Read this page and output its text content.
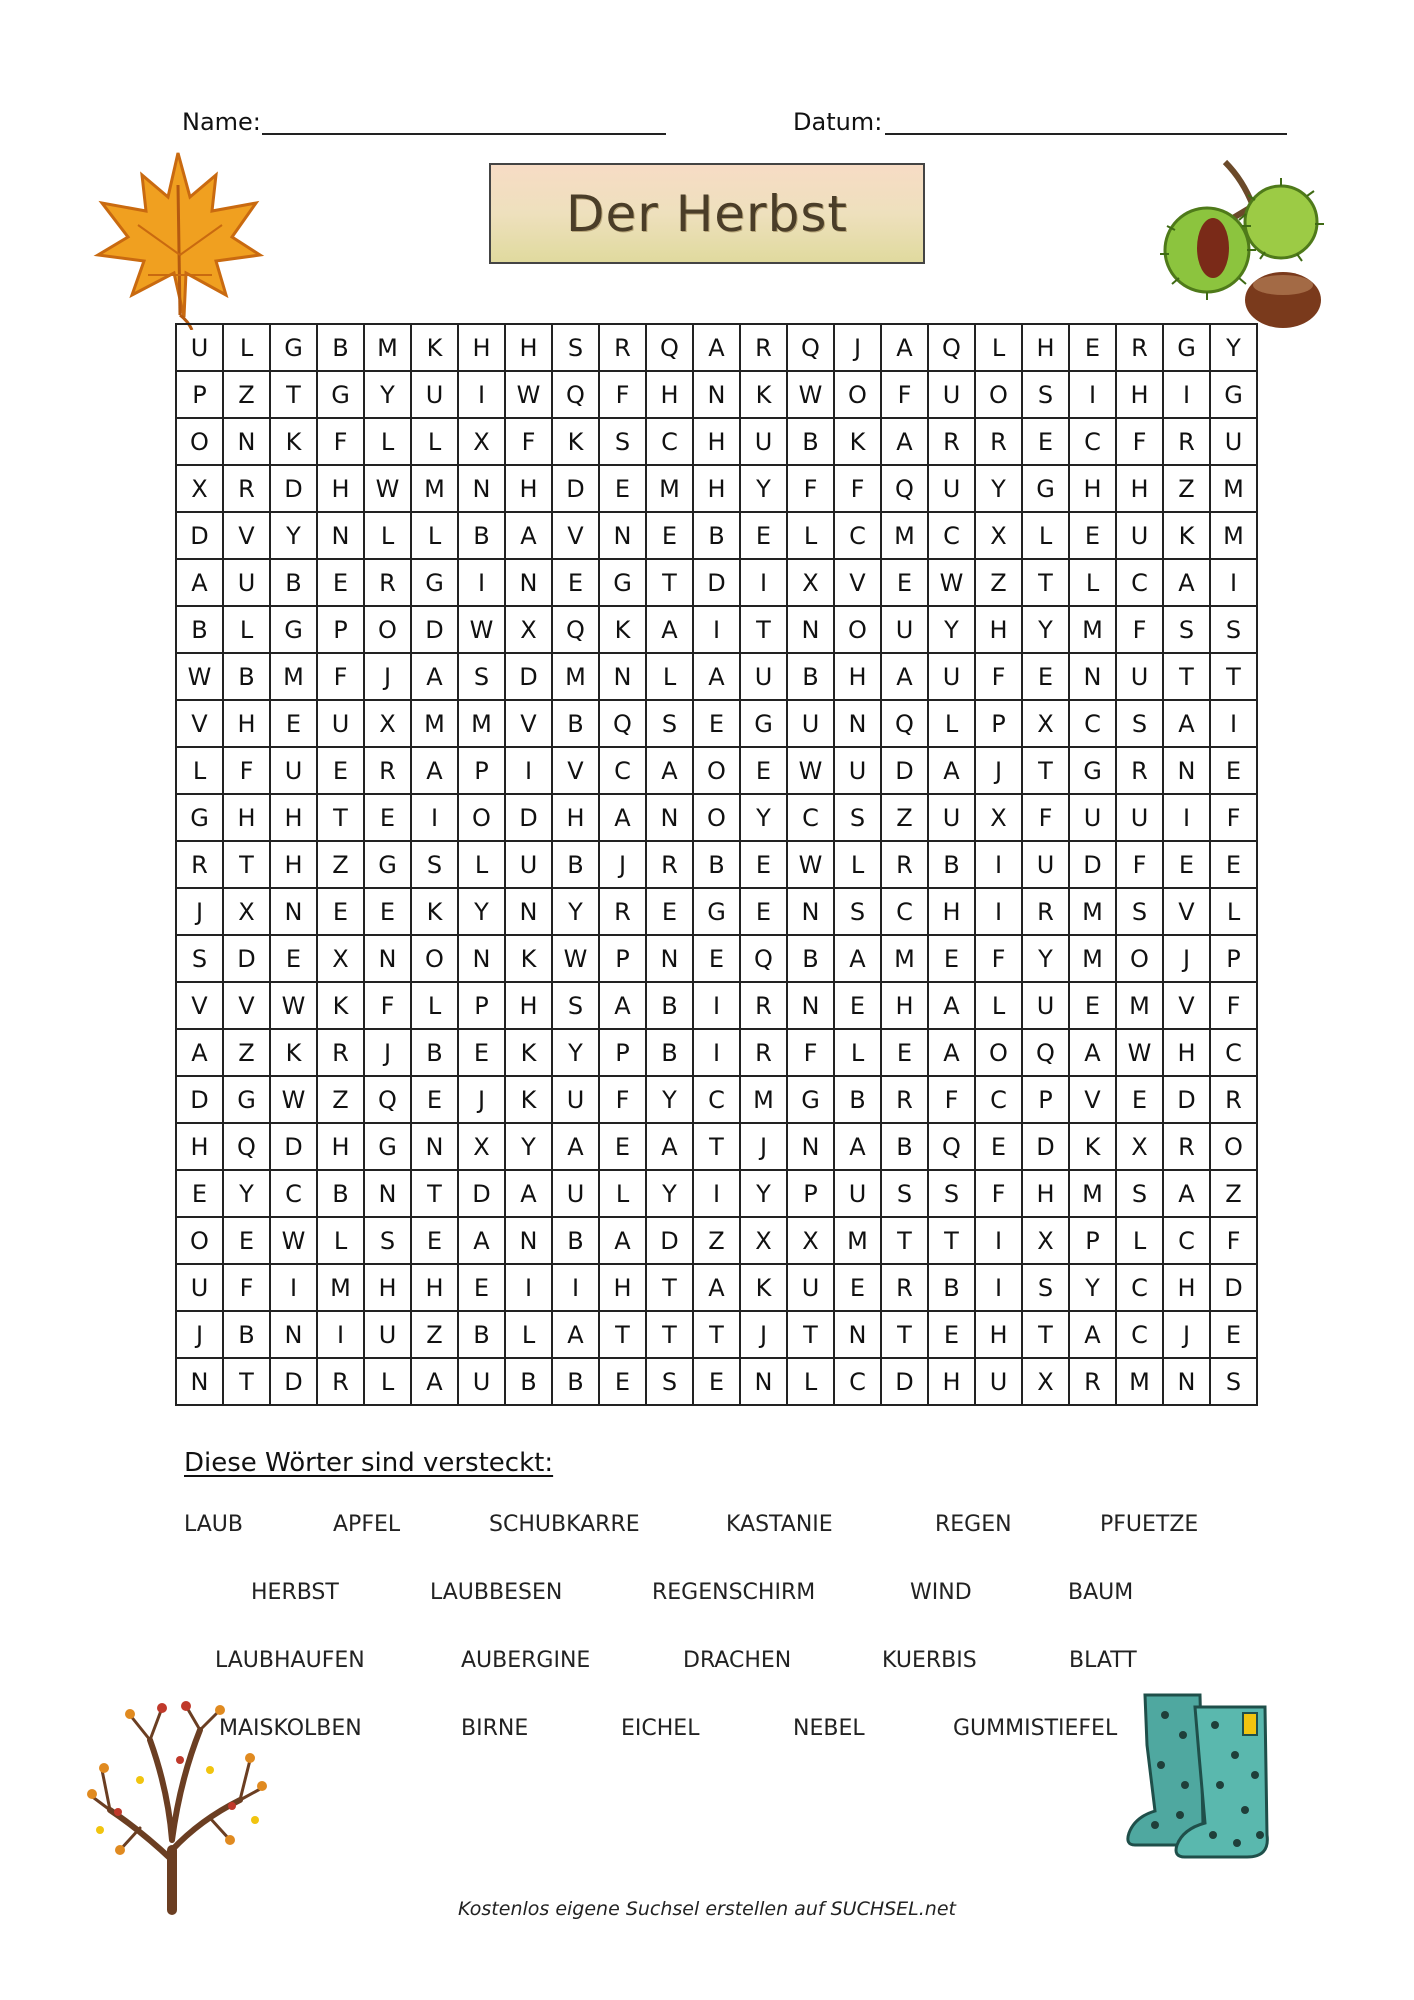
Name:	Datum:
Der Herbst
U	L	G	B	M	K	H	H	S	R	Q	A	R	Q	J	A	Q	L	H	E	R	G	Y
P	Z	T	G	Y	U	I	W	Q	F	H	N	K	W	O	F	U	O	S	I	H	I	G
O	N	K	F	L	L	X	F	K	S	C	H	U	B	K	A	R	R	E	C	F	R	U
X	R	D	H	W	M	N	H	D	E	M	H	Y	F	F	Q	U	Y	G	H	H	Z	M
D	V	Y	N	L	L	B	A	V	N	E	B	E	L	C	M	C	X	L	E	U	K	M
A	U	B	E	R	G	I	N	E	G	T	D	I	X	V	E	W	Z	T	L	C	A	I
B	L	G	P	O	D	W	X	Q	K	A	I	T	N	O	U	Y	H	Y	M	F	S	S
W	B	M	F	J	A	S	D	M	N	L	A	U	B	H	A	U	F	E	N	U	T	T
V	H	E	U	X	M	M	V	B	Q	S	E	G	U	N	Q	L	P	X	C	S	A	I
L	F	U	E	R	A	P	I	V	C	A	O	E	W	U	D	A	J	T	G	R	N	E
G	H	H	T	E	I	O	D	H	A	N	O	Y	C	S	Z	U	X	F	U	U	I	F
R	T	H	Z	G	S	L	U	B	J	R	B	E	W	L	R	B	I	U	D	F	E	E
J	X	N	E	E	K	Y	N	Y	R	E	G	E	N	S	C	H	I	R	M	S	V	L
S	D	E	X	N	O	N	K	W	P	N	E	Q	B	A	M	E	F	Y	M	O	J	P
V	V	W	K	F	L	P	H	S	A	B	I	R	N	E	H	A	L	U	E	M	V	F
A	Z	K	R	J	B	E	K	Y	P	B	I	R	F	L	E	A	O	Q	A	W	H	C
D	G	W	Z	Q	E	J	K	U	F	Y	C	M	G	B	R	F	C	P	V	E	D	R
H	Q	D	H	G	N	X	Y	A	E	A	T	J	N	A	B	Q	E	D	K	X	R	O
E	Y	C	B	N	T	D	A	U	L	Y	I	Y	P	U	S	S	F	H	M	S	A	Z
O	E	W	L	S	E	A	N	B	A	D	Z	X	X	M	T	T	I	X	P	L	C	F
U	F	I	M	H	H	E	I	I	H	T	A	K	U	E	R	B	I	S	Y	C	H	D
J	B	N	I	U	Z	B	L	A	T	T	T	J	T	N	T	E	H	T	A	C	J	E
N	T	D	R	L	A	U	B	B	E	S	E	N	L	C	D	H	U	X	R	M	N	S
Diese Wörter sind versteckt:
LAUB	APFEL	SCHUBKARRE	KASTANIE	REGEN	PFUETZE
HERBST	LAUBBESEN	REGENSCHIRM	WIND	BAUM
LAUBHAUFEN	AUBERGINE	DRACHEN	KUERBIS	BLATT
MAISKOLBEN	BIRNE	EICHEL	NEBEL	GUMMISTIEFEL
Kostenlos eigene Suchsel erstellen auf SUCHSEL.net
